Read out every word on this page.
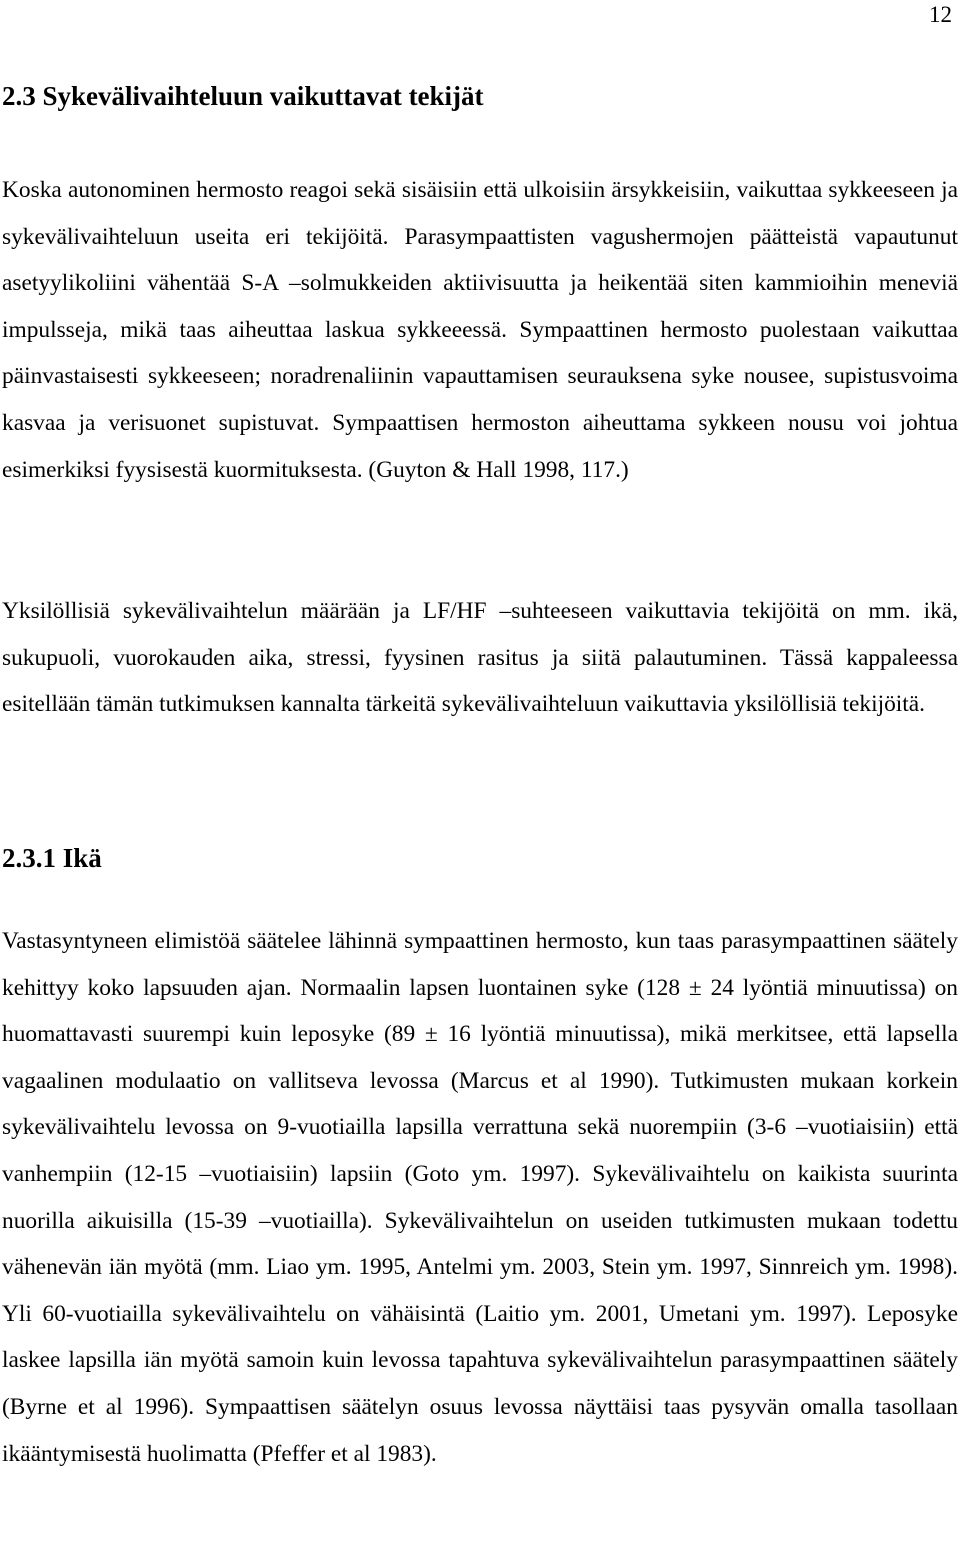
12
2.3 Sykevälivaihteluun vaikuttavat tekijät

Koska autonominen hermosto reagoi sekä sisäisiin että ulkoisiin ärsykkeisiin, vaikuttaa sykkeeseen ja sykevälivaihteluun useita eri tekijöitä. Parasympaattisten vagushermojen päätteistä vapautunut asetyylikoliini vähentää S-A –solmukkeiden aktiivisuutta ja heikentää siten kammioihin meneviä impulsseja, mikä taas aiheuttaa laskua sykkeeessä. Sympaattinen hermosto puolestaan vaikuttaa päinvastaisesti sykkeeseen; noradrenaliinin vapauttamisen seurauksena syke nousee, supistusvoima kasvaa ja verisuonet supistuvat. Sympaattisen hermoston aiheuttama sykkeen nousu voi johtua esimerkiksi fyysisestä kuormituksesta. (Guyton & Hall 1998, 117.)

Yksilöllisiä sykevälivaihtelun määrään ja LF/HF –suhteeseen vaikuttavia tekijöitä on mm. ikä, sukupuoli, vuorokauden aika, stressi, fyysinen rasitus ja siitä palautuminen. Tässä kappaleessa esitellään tämän tutkimuksen kannalta tärkeitä sykevälivaihteluun vaikuttavia yksilöllisiä tekijöitä.

2.3.1 Ikä

Vastasyntyneen elimistöä säätelee lähinnä sympaattinen hermosto, kun taas parasympaattinen säätely kehittyy koko lapsuuden ajan. Normaalin lapsen luontainen syke (128 ± 24 lyöntiä minuutissa) on huomattavasti suurempi kuin leposyke (89 ± 16 lyöntiä minuutissa), mikä merkitsee, että lapsella vagaalinen modulaatio on vallitseva levossa (Marcus et al 1990). Tutkimusten mukaan korkein sykevälivaihtelu levossa on 9-vuotiailla lapsilla verrattuna sekä nuorempiin (3-6 –vuotiaisiin) että vanhempiin (12-15 –vuotiaisiin) lapsiin (Goto ym. 1997). Sykevälivaihtelu on kaikista suurinta nuorilla aikuisilla (15-39 –vuotiailla). Sykevälivaihtelun on useiden tutkimusten mukaan todettu vähenevän iän myötä (mm. Liao ym. 1995, Antelmi ym. 2003, Stein ym. 1997, Sinnreich ym. 1998). Yli 60-vuotiailla sykevälivaihtelu on vähäisintä (Laitio ym. 2001, Umetani ym. 1997). Leposyke laskee lapsilla iän myötä samoin kuin levossa tapahtuva sykevälivaihtelun parasympaattinen säätely (Byrne et al 1996). Sympaattisen säätelyn osuus levossa näyttäisi taas pysyvän omalla tasollaan ikääntymisestä huolimatta (Pfeffer et al 1983).
